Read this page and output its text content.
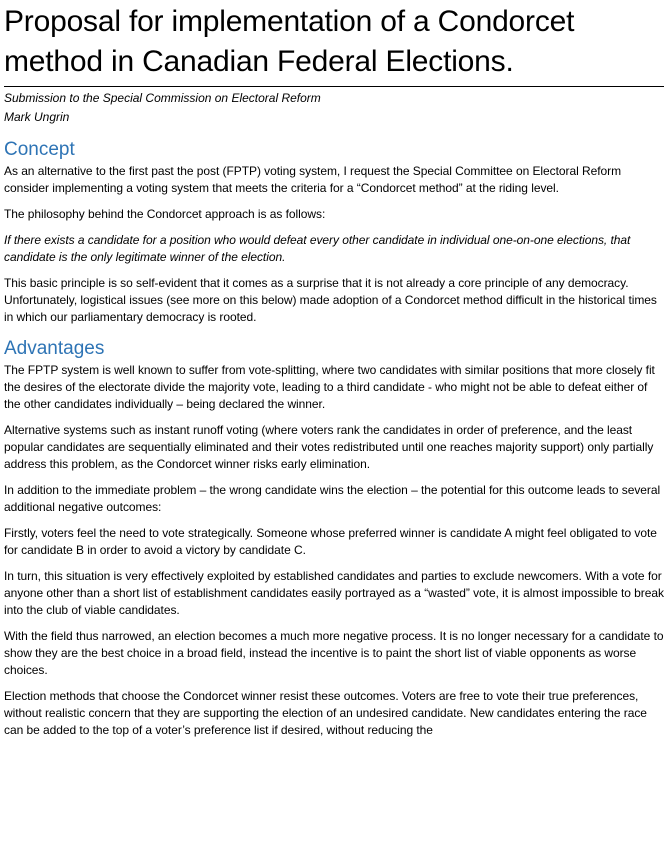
Proposal for implementation of a Condorcet method in Canadian Federal Elections.
Submission to the Special Commission on Electoral Reform
Mark Ungrin
Concept

As an alternative to the first past the post (FPTP) voting system, I request the Special Committee on Electoral Reform consider implementing a voting system that meets the criteria for a “Condorcet method” at the riding level.

The philosophy behind the Condorcet approach is as follows:

If there exists a candidate for a position who would defeat every other candidate in individual one-on-one elections, that candidate is the only legitimate winner of the election.

This basic principle is so self-evident that it comes as a surprise that it is not already a core principle of any democracy. Unfortunately, logistical issues (see more on this below) made adoption of a Condorcet method difficult in the historical times in which our parliamentary democracy is rooted.

Advantages

The FPTP system is well known to suffer from vote-splitting, where two candidates with similar positions that more closely fit the desires of the electorate divide the majority vote, leading to a third candidate - who might not be able to defeat either of the other candidates individually – being declared the winner.

Alternative systems such as instant runoff voting (where voters rank the candidates in order of preference, and the least popular candidates are sequentially eliminated and their votes redistributed until one reaches majority support) only partially address this problem, as the Condorcet winner risks early elimination.

In addition to the immediate problem – the wrong candidate wins the election – the potential for this outcome leads to several additional negative outcomes:

Firstly, voters feel the need to vote strategically. Someone whose preferred winner is candidate A might feel obligated to vote for candidate B in order to avoid a victory by candidate C.

In turn, this situation is very effectively exploited by established candidates and parties to exclude newcomers. With a vote for anyone other than a short list of establishment candidates easily portrayed as a “wasted” vote, it is almost impossible to break into the club of viable candidates.

With the field thus narrowed, an election becomes a much more negative process. It is no longer necessary for a candidate to show they are the best choice in a broad field, instead the incentive is to paint the short list of viable opponents as worse choices.

Election methods that choose the Condorcet winner resist these outcomes. Voters are free to vote their true preferences, without realistic concern that they are supporting the election of an undesired candidate. New candidates entering the race can be added to the top of a voter’s preference list if desired, without reducing the
